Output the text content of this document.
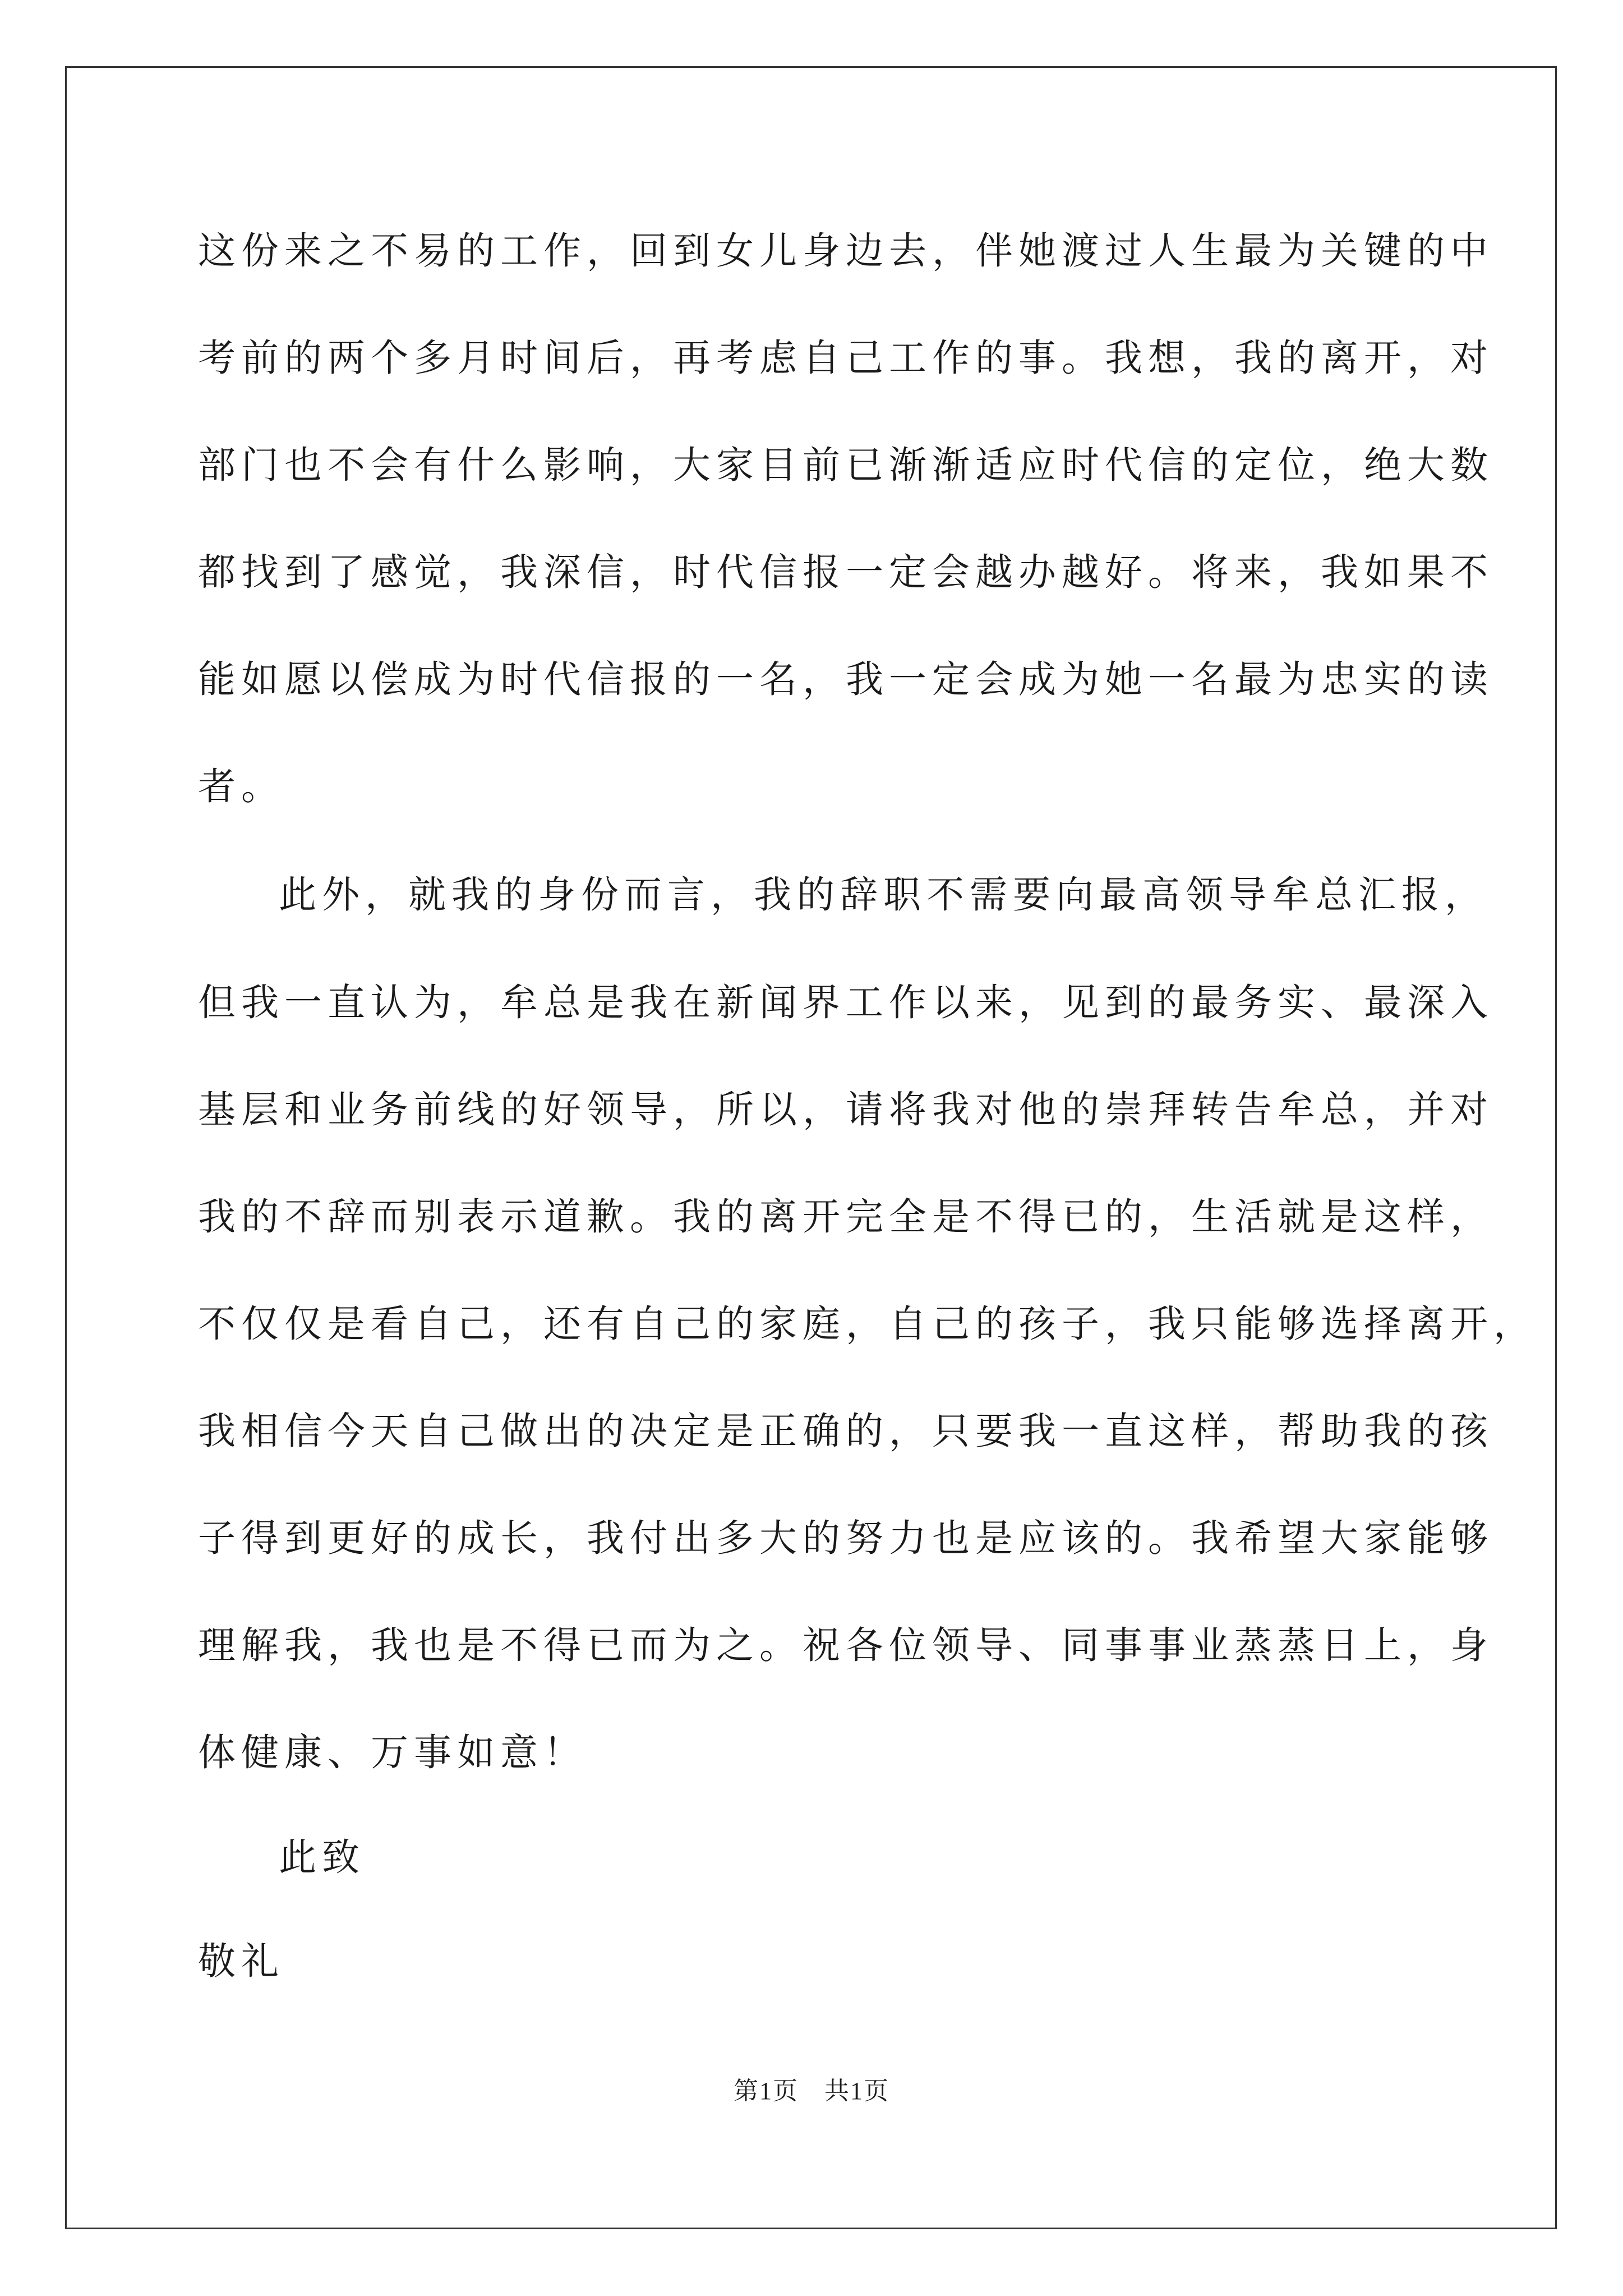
这份来之不易的工作，回到女儿身边去，伴她渡过人生最为关键的中
考前的两个多月时间后，再考虑自己工作的事。我想，我的离开，对
部门也不会有什么影响，大家目前已渐渐适应时代信的定位，绝大数
都找到了感觉，我深信，时代信报一定会越办越好。将来，我如果不
能如愿以偿成为时代信报的一名，我一定会成为她一名最为忠实的读
者。
此外，就我的身份而言，我的辞职不需要向最高领导牟总汇报，
但我一直认为，牟总是我在新闻界工作以来，见到的最务实、最深入
基层和业务前线的好领导，所以，请将我对他的崇拜转告牟总，并对
我的不辞而别表示道歉。我的离开完全是不得已的，生活就是这样，
不仅仅是看自己，还有自己的家庭，自己的孩子，我只能够选择离开，
我相信今天自己做出的决定是正确的，只要我一直这样，帮助我的孩
子得到更好的成长，我付出多大的努力也是应该的。我希望大家能够
理解我，我也是不得已而为之。祝各位领导、同事事业蒸蒸日上，身
体健康、万事如意！
此致
敬礼
第1页　共1页
